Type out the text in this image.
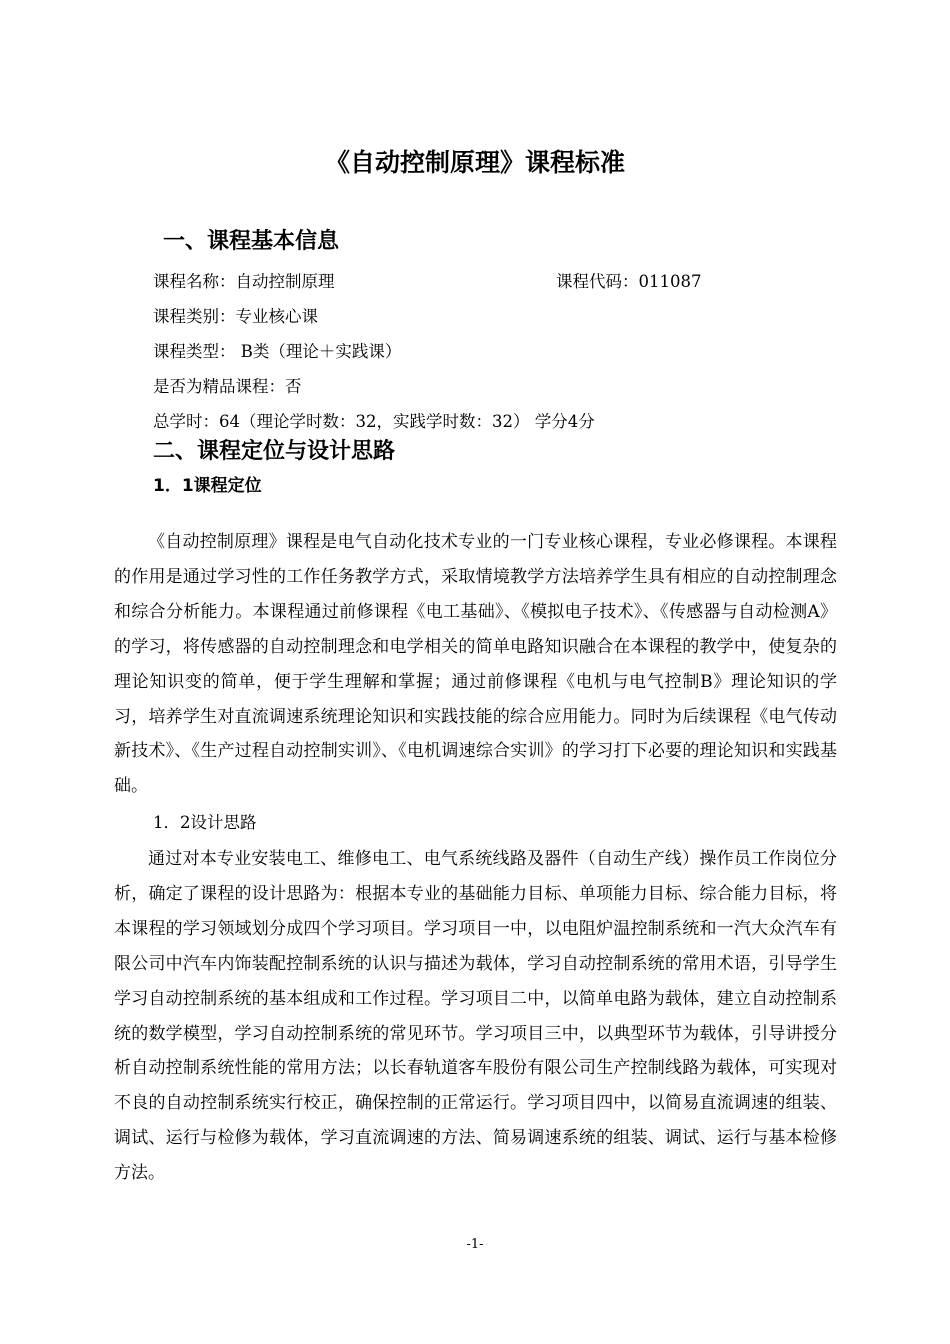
《自动控制原理》课程标准
一、课程基本信息
课程名称：自动控制原理	课程代码：011087
课程类别：专业核心课
课程类型： B类（理论＋实践课）
是否为精品课程：否
总学时：64（理论学时数：32，实践学时数：32） 学分4分
二、课程定位与设计思路
1．1课程定位
《自动控制原理》课程是电气自动化技术专业的一门专业核心课程，专业必修课程。本课程的作用是通过学习性的工作任务教学方式，采取情境教学方法培养学生具有相应的自动控制理念和综合分析能力。本课程通过前修课程《电工基础》、《模拟电子技术》、《传感器与自动检测A》的学习，将传感器的自动控制理念和电学相关的简单电路知识融合在本课程的教学中，使复杂的理论知识变的简单，便于学生理解和掌握；通过前修课程《电机与电气控制B》理论知识的学习，培养学生对直流调速系统理论知识和实践技能的综合应用能力。同时为后续课程《电气传动新技术》、《生产过程自动控制实训》、《电机调速综合实训》的学习打下必要的理论知识和实践基础。
1．2设计思路
通过对本专业安装电工、维修电工、电气系统线路及器件（自动生产线）操作员工作岗位分析，确定了课程的设计思路为：根据本专业的基础能力目标、单项能力目标、综合能力目标，将本课程的学习领域划分成四个学习项目。学习项目一中，以电阻炉温控制系统和一汽大众汽车有限公司中汽车内饰装配控制系统的认识与描述为载体，学习自动控制系统的常用术语，引导学生学习自动控制系统的基本组成和工作过程。学习项目二中，以简单电路为载体，建立自动控制系统的数学模型，学习自动控制系统的常见环节。学习项目三中，以典型环节为载体，引导讲授分析自动控制系统性能的常用方法；以长春轨道客车股份有限公司生产控制线路为载体，可实现对不良的自动控制系统实行校正，确保控制的正常运行。学习项目四中，以简易直流调速的组装、调试、运行与检修为载体，学习直流调速的方法、简易调速系统的组装、调试、运行与基本检修方法。
-1-
